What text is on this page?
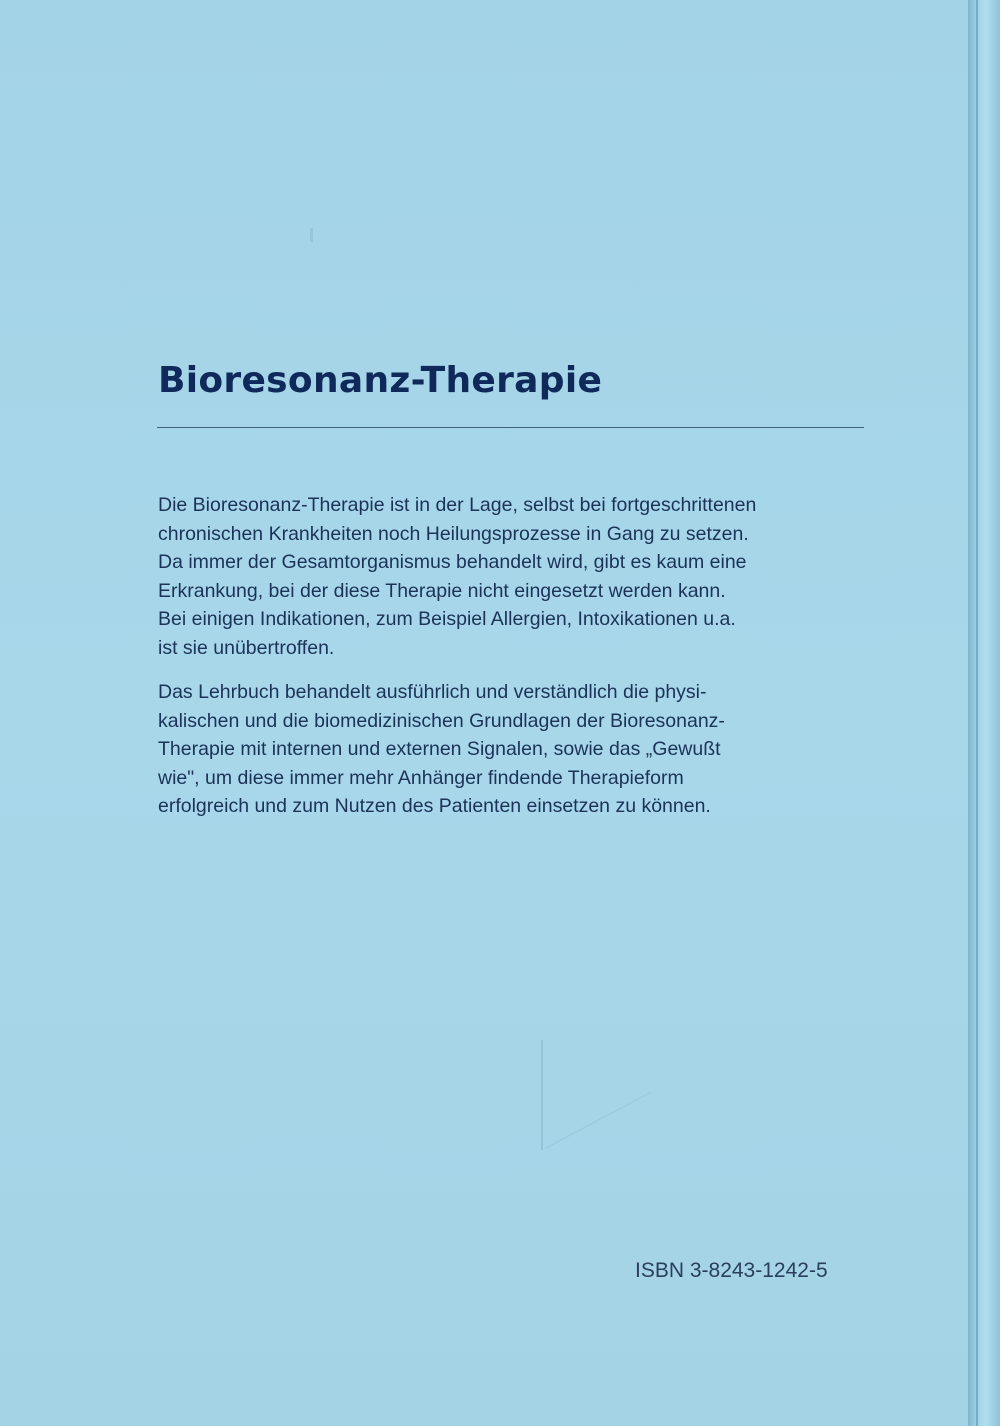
Bioresonanz-Therapie

Die Bioresonanz-Therapie ist in der Lage, selbst bei fortgeschrittenen
chronischen Krankheiten noch Heilungsprozesse in Gang zu setzen.
Da immer der Gesamtorganismus behandelt wird, gibt es kaum eine
Erkrankung, bei der diese Therapie nicht eingesetzt werden kann.
Bei einigen Indikationen, zum Beispiel Allergien, Intoxikationen u.a.
ist sie unübertroffen.

Das Lehrbuch behandelt ausführlich und verständlich die physi-
kalischen und die biomedizinischen Grundlagen der Bioresonanz-
Therapie mit internen und externen Signalen, sowie das „Gewußt
wie", um diese immer mehr Anhänger findende Therapieform
erfolgreich und zum Nutzen des Patienten einsetzen zu können.

ISBN 3-8243-1242-5
